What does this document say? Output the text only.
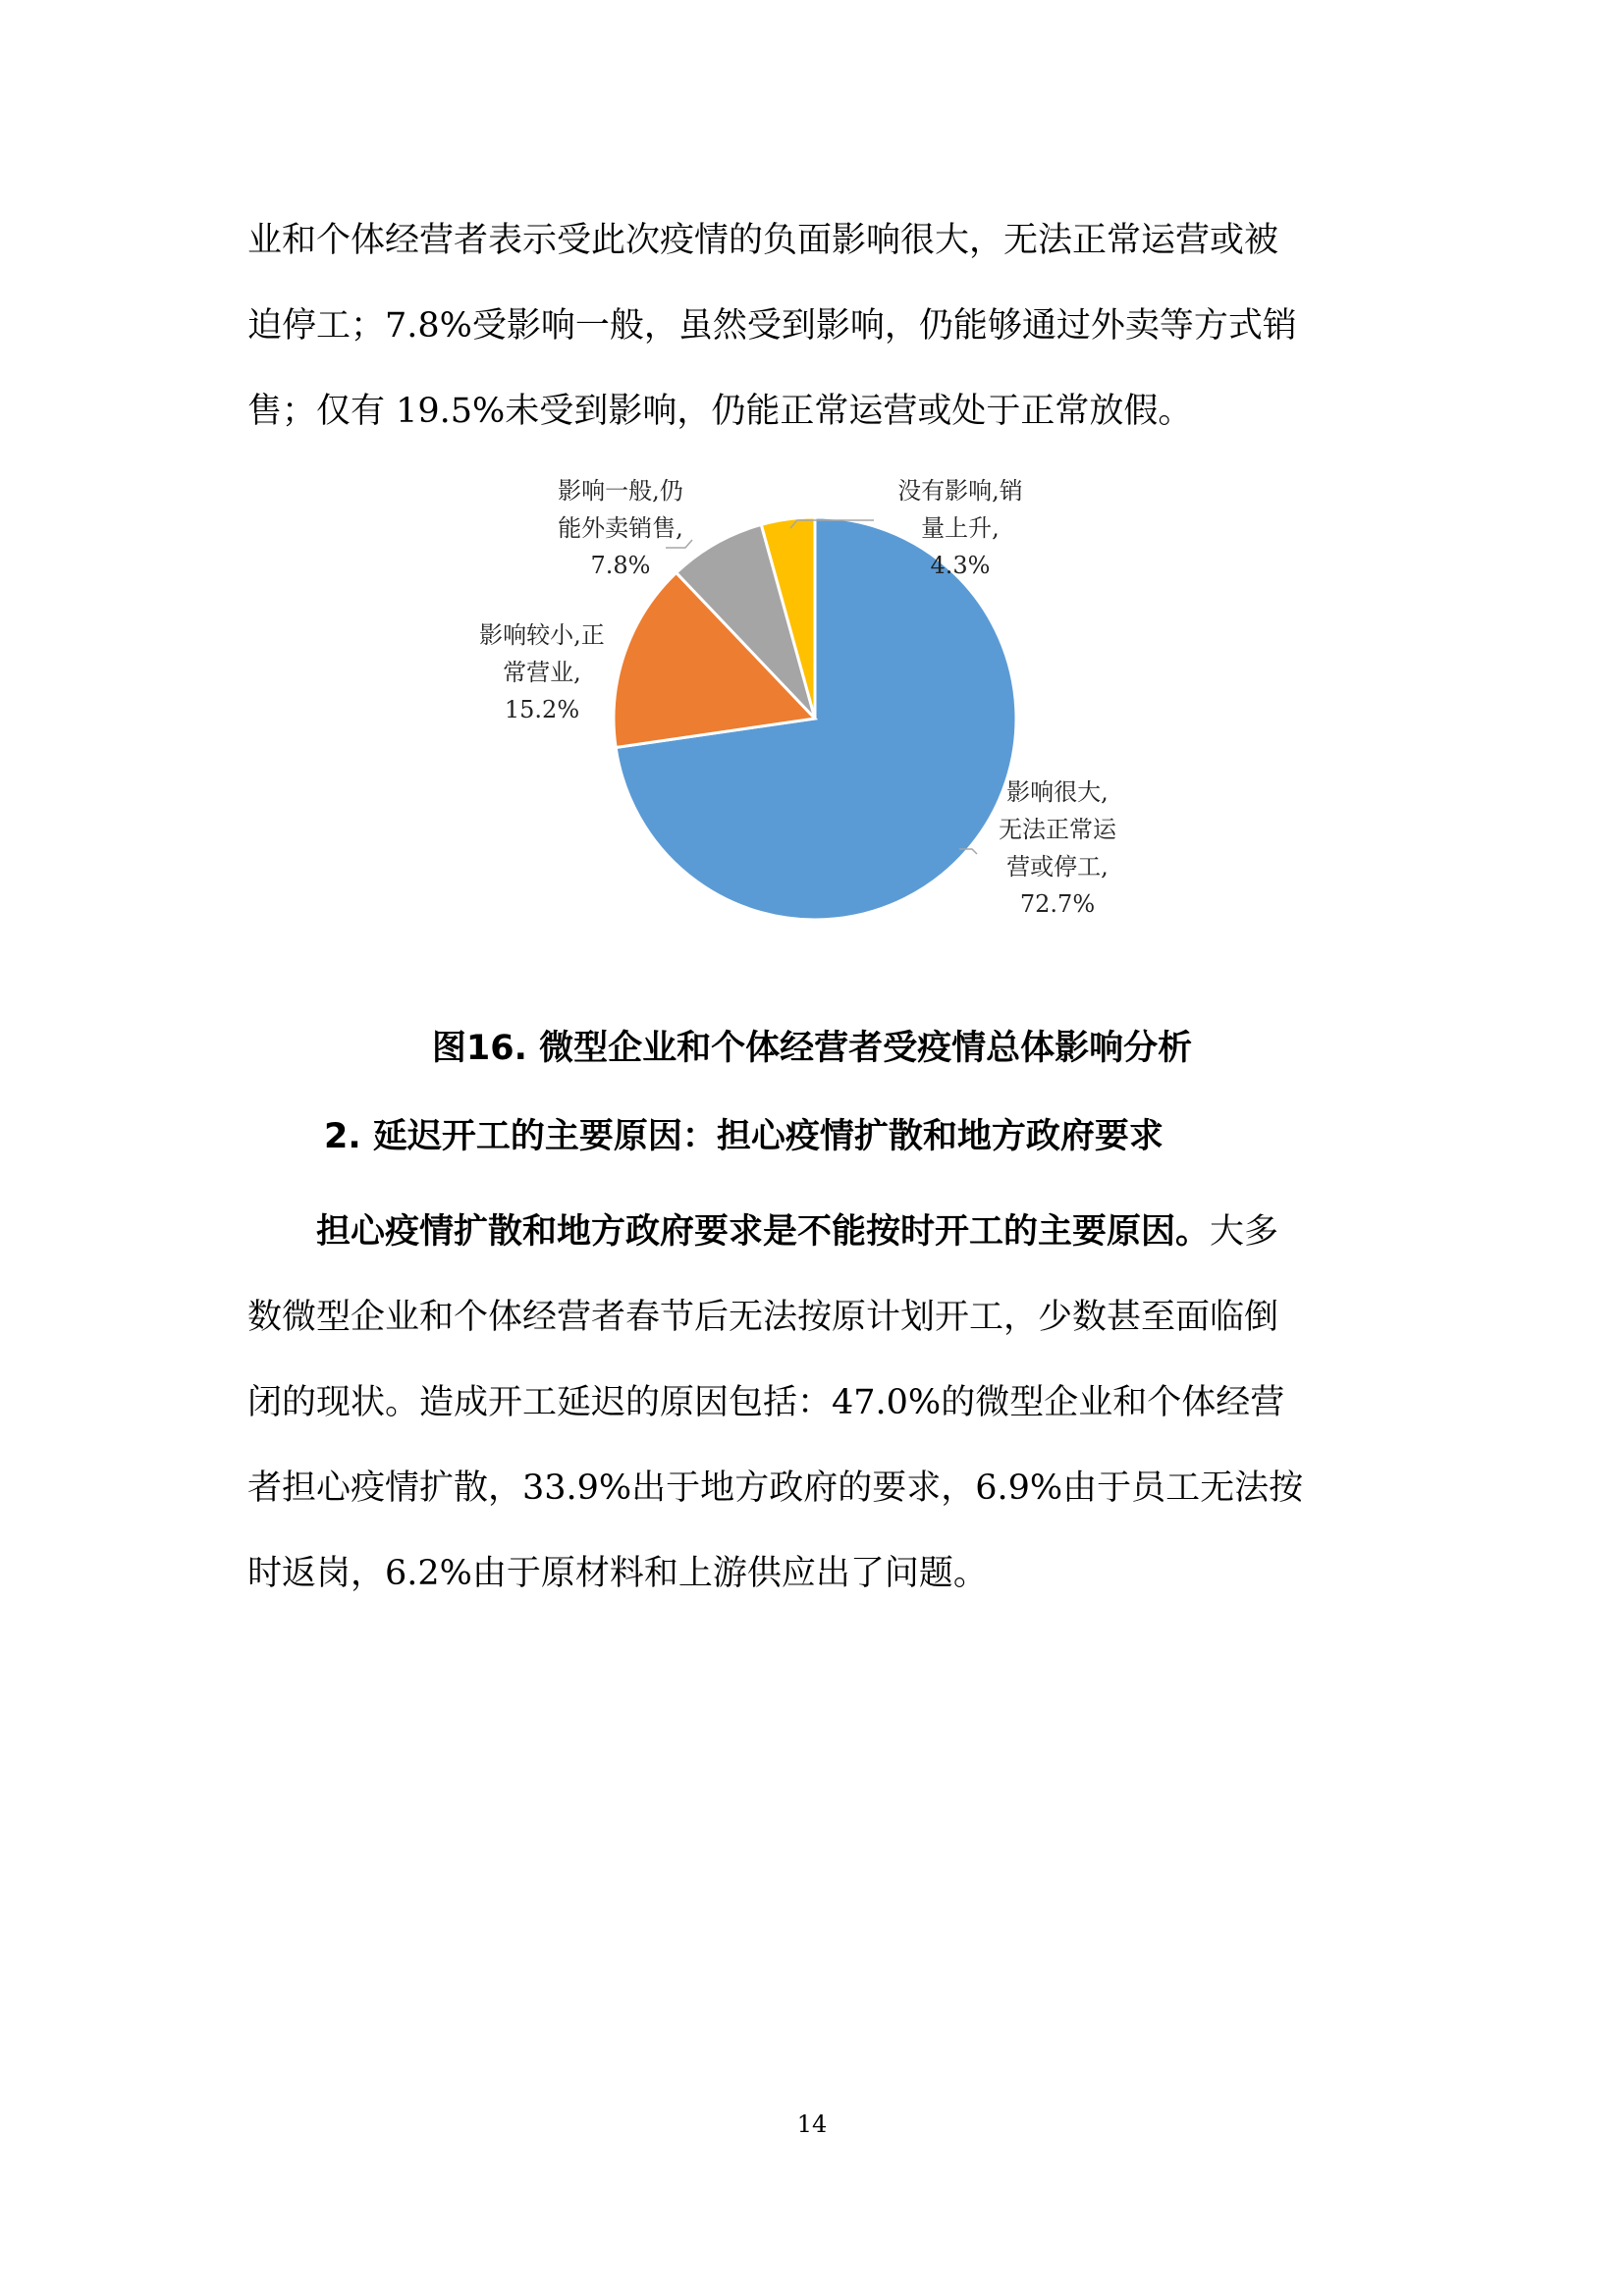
业和个体经营者表示受此次疫情的负面影响很大，无法正常运营或被
迫停工；7.8%受影响一般，虽然受到影响，仍能够通过外卖等方式销
售；仅有 19.5%未受到影响，仍能正常运营或处于正常放假。
影响一般,仍
能外卖销售,
7.8%
没有影响,销
量上升,
4.3%
影响较小,正
常营业,
15.2%
影响很大,
无法正常运
营或停工,
72.7%
图16. 微型企业和个体经营者受疫情总体影响分析
2. 延迟开工的主要原因：担心疫情扩散和地方政府要求
担心疫情扩散和地方政府要求是不能按时开工的主要原因。大多
数微型企业和个体经营者春节后无法按原计划开工，少数甚至面临倒
闭的现状。造成开工延迟的原因包括：47.0%的微型企业和个体经营
者担心疫情扩散，33.9%出于地方政府的要求，6.9%由于员工无法按
时返岗，6.2%由于原材料和上游供应出了问题。
14
